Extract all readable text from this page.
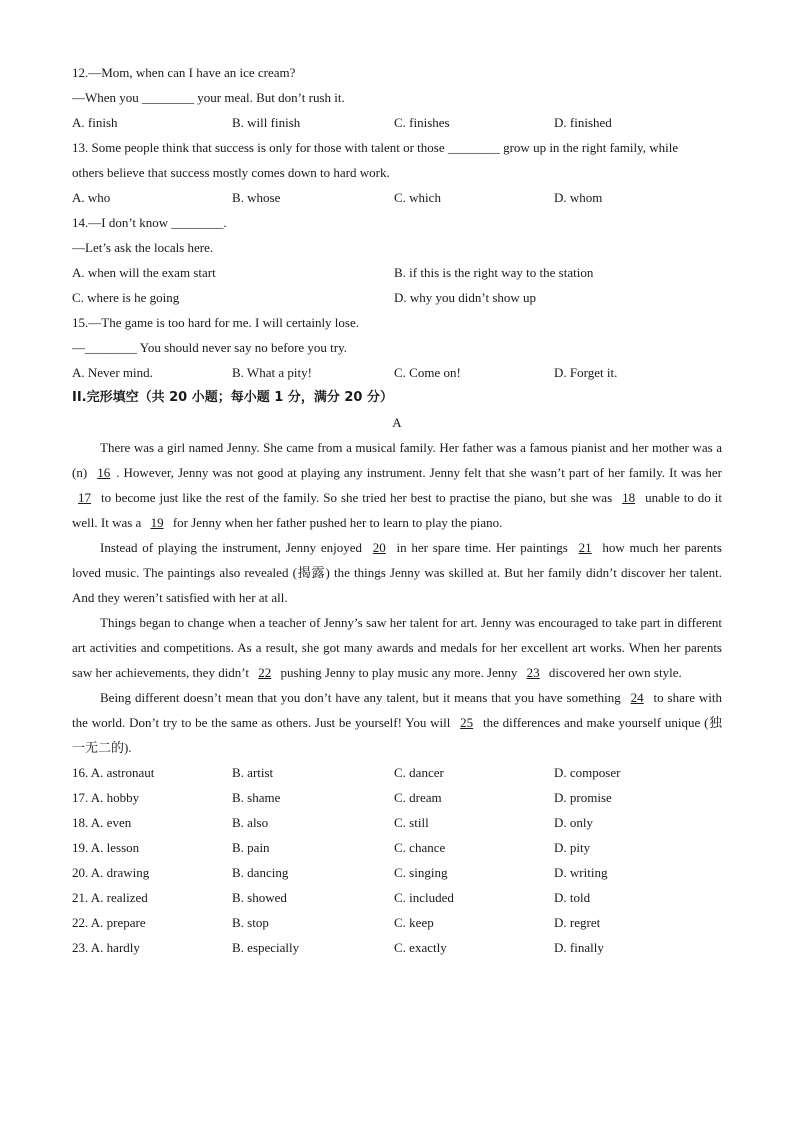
12.—Mom, when can I have an ice cream?
—When you ________ your meal. But don’t rush it.
A. finish	B. will finish	C. finishes	D. finished
13. Some people think that success is only for those with talent or those ________ grow up in the right family, while
others believe that success mostly comes down to hard work.
A. who	B. whose	C. which	D. whom
14.—I don’t know ________.
—Let’s ask the locals here.
A. when will the exam start	B. if this is the right way to the station
C. where is he going	D. why you didn’t show up
15.—The game is too hard for me. I will certainly lose.
—________ You should never say no before you try.
A. Never mind.	B. What a pity!	C. Come on!	D. Forget it.
II.完形填空（共 20 小题；每小题 1 分，满分 20 分）
A
There was a girl named Jenny. She came from a musical family. Her father was a famous pianist and her mother was a (n) 16 . However, Jenny was not good at playing any instrument. Jenny felt that she wasn’t part of her family. It was her 17 to become just like the rest of the family. So she tried her best to practise the piano, but she was 18 unable to do it well. It was a 19 for Jenny when her father pushed her to learn to play the piano.
Instead of playing the instrument, Jenny enjoyed 20 in her spare time. Her paintings 21 how much her parents loved music. The paintings also revealed (揭露) the things Jenny was skilled at. But her family didn’t discover her talent. And they weren’t satisfied with her at all.
Things began to change when a teacher of Jenny’s saw her talent for art. Jenny was encouraged to take part in different art activities and competitions. As a result, she got many awards and medals for her excellent art works. When her parents saw her achievements, they didn’t 22 pushing Jenny to play music any more. Jenny 23 discovered her own style.
Being different doesn’t mean that you don’t have any talent, but it means that you have something 24 to share with the world. Don’t try to be the same as others. Just be yourself! You will 25 the differences and make yourself unique (独一无二的).
16. A. astronaut	B. artist	C. dancer	D. composer
17. A. hobby	B. shame	C. dream	D. promise
18. A. even	B. also	C. still	D. only
19. A. lesson	B. pain	C. chance	D. pity
20. A. drawing	B. dancing	C. singing	D. writing
21. A. realized	B. showed	C. included	D. told
22. A. prepare	B. stop	C. keep	D. regret
23. A. hardly	B. especially	C. exactly	D. finally
